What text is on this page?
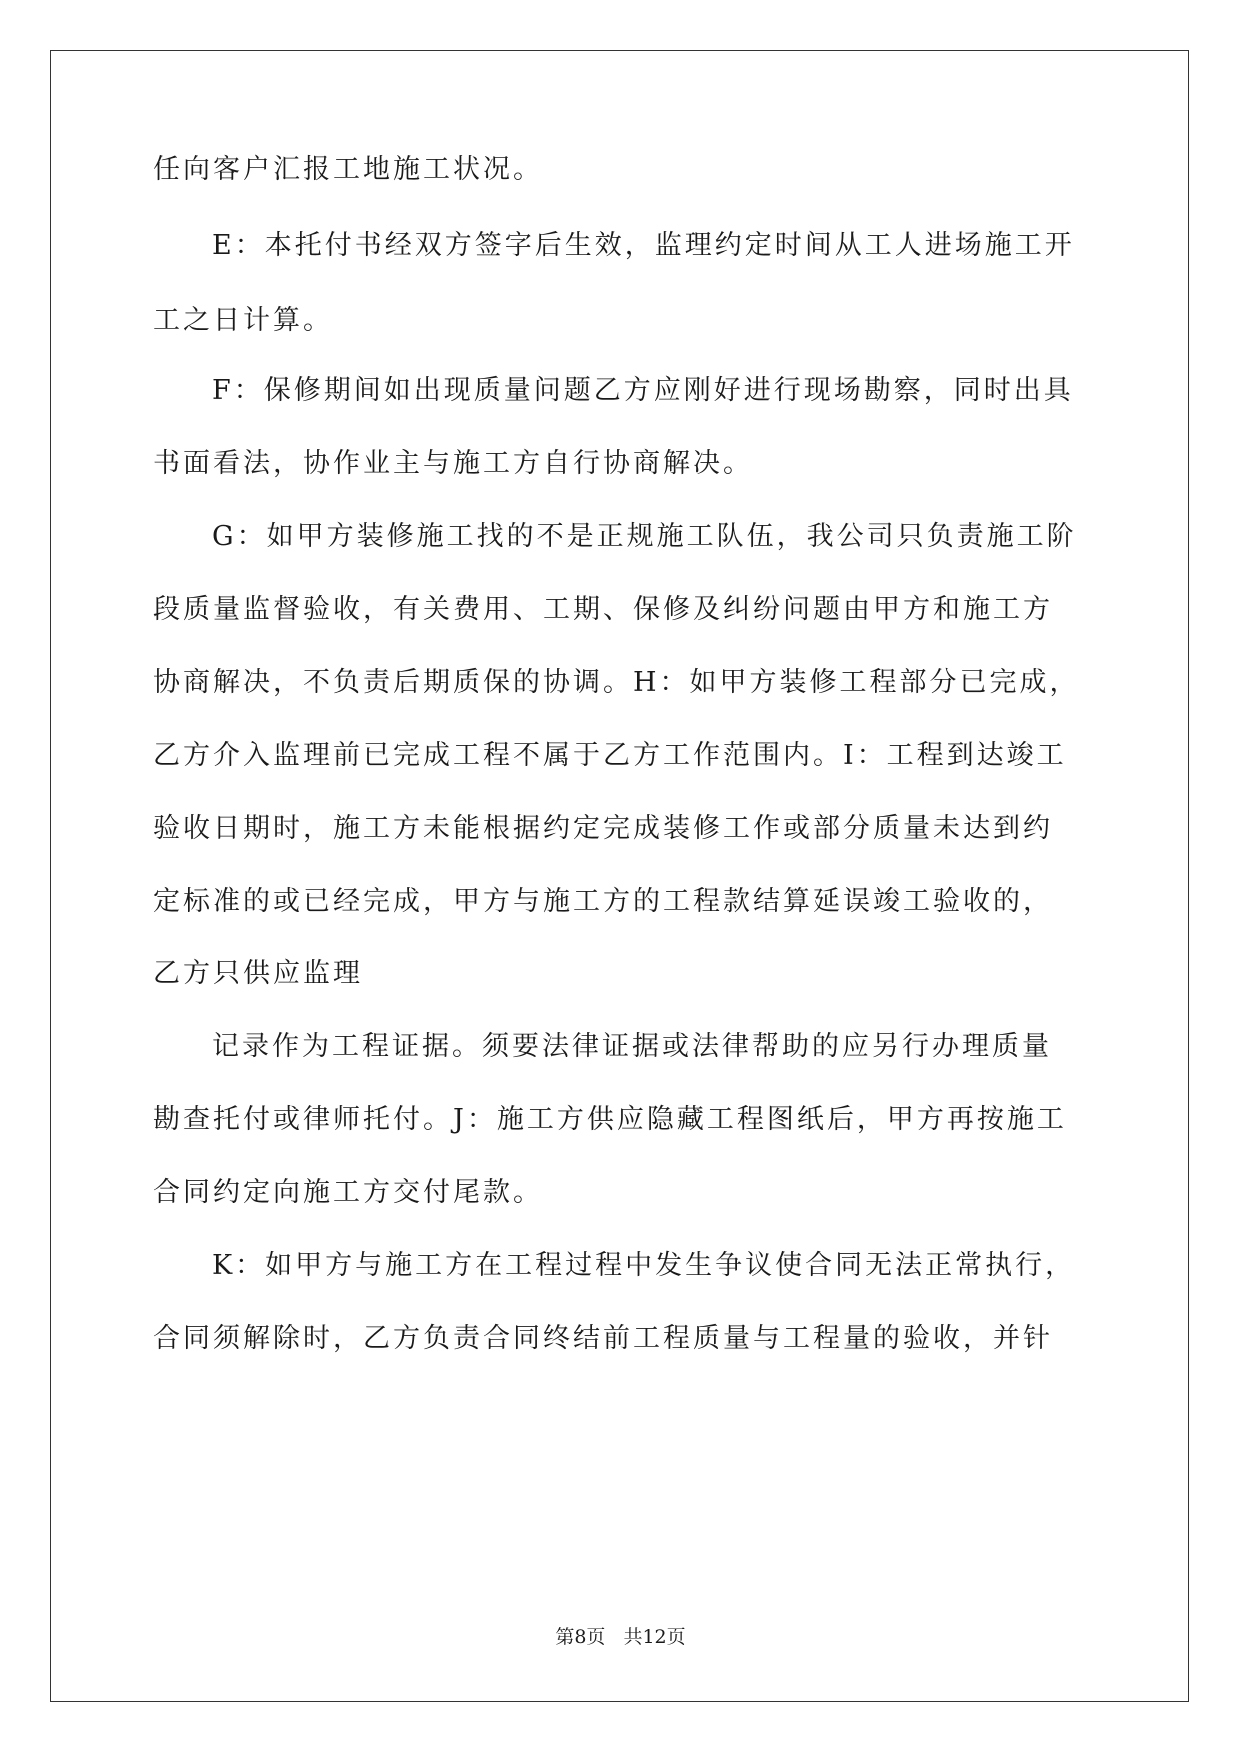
任向客户汇报工地施工状况。
E：本托付书经双方签字后生效，监理约定时间从工人进场施工开
工之日计算。
F：保修期间如出现质量问题乙方应刚好进行现场勘察，同时出具
书面看法，协作业主与施工方自行协商解决。
G：如甲方装修施工找的不是正规施工队伍，我公司只负责施工阶
段质量监督验收，有关费用、工期、保修及纠纷问题由甲方和施工方
协商解决，不负责后期质保的协调。H：如甲方装修工程部分已完成，
乙方介入监理前已完成工程不属于乙方工作范围内。I：工程到达竣工
验收日期时，施工方未能根据约定完成装修工作或部分质量未达到约
定标准的或已经完成，甲方与施工方的工程款结算延误竣工验收的，
乙方只供应监理
记录作为工程证据。须要法律证据或法律帮助的应另行办理质量
勘查托付或律师托付。J：施工方供应隐藏工程图纸后，甲方再按施工
合同约定向施工方交付尾款。
K：如甲方与施工方在工程过程中发生争议使合同无法正常执行，
合同须解除时，乙方负责合同终结前工程质量与工程量的验收，并针
第8页 共12页
